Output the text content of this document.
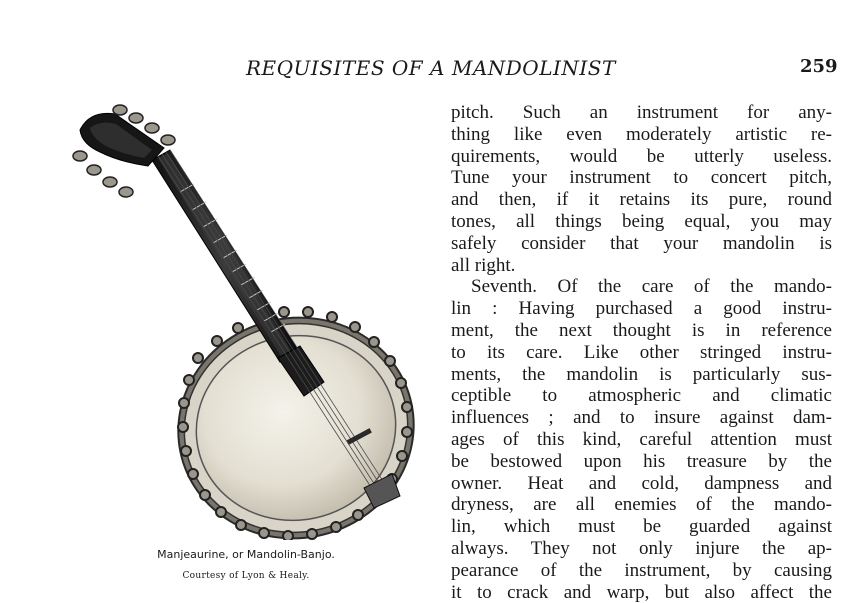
REQUISITES OF A MANDOLINIST	259
Manjeaurine, or Mandolin-Banjo.
Courtesy of Lyon & Healy.
pitch. Such an instrument for any-
thing like even moderately artistic re-
quirements, would be utterly useless.
Tune your instrument to concert pitch,
and then, if it retains its pure, round
tones, all things being equal, you may
safely consider that your mandolin is
all right.
Seventh. Of the care of the mando-
lin : Having purchased a good instru-
ment, the next thought is in reference
to its care. Like other stringed instru-
ments, the mandolin is particularly sus-
ceptible to atmospheric and climatic
influences ; and to insure against dam-
ages of this kind, careful attention must
be bestowed upon his treasure by the
owner. Heat and cold, dampness and
dryness, are all enemies of the mando-
lin, which must be guarded against
always. They not only injure the ap-
pearance of the instrument, by causing
it to crack and warp, but also affect the
